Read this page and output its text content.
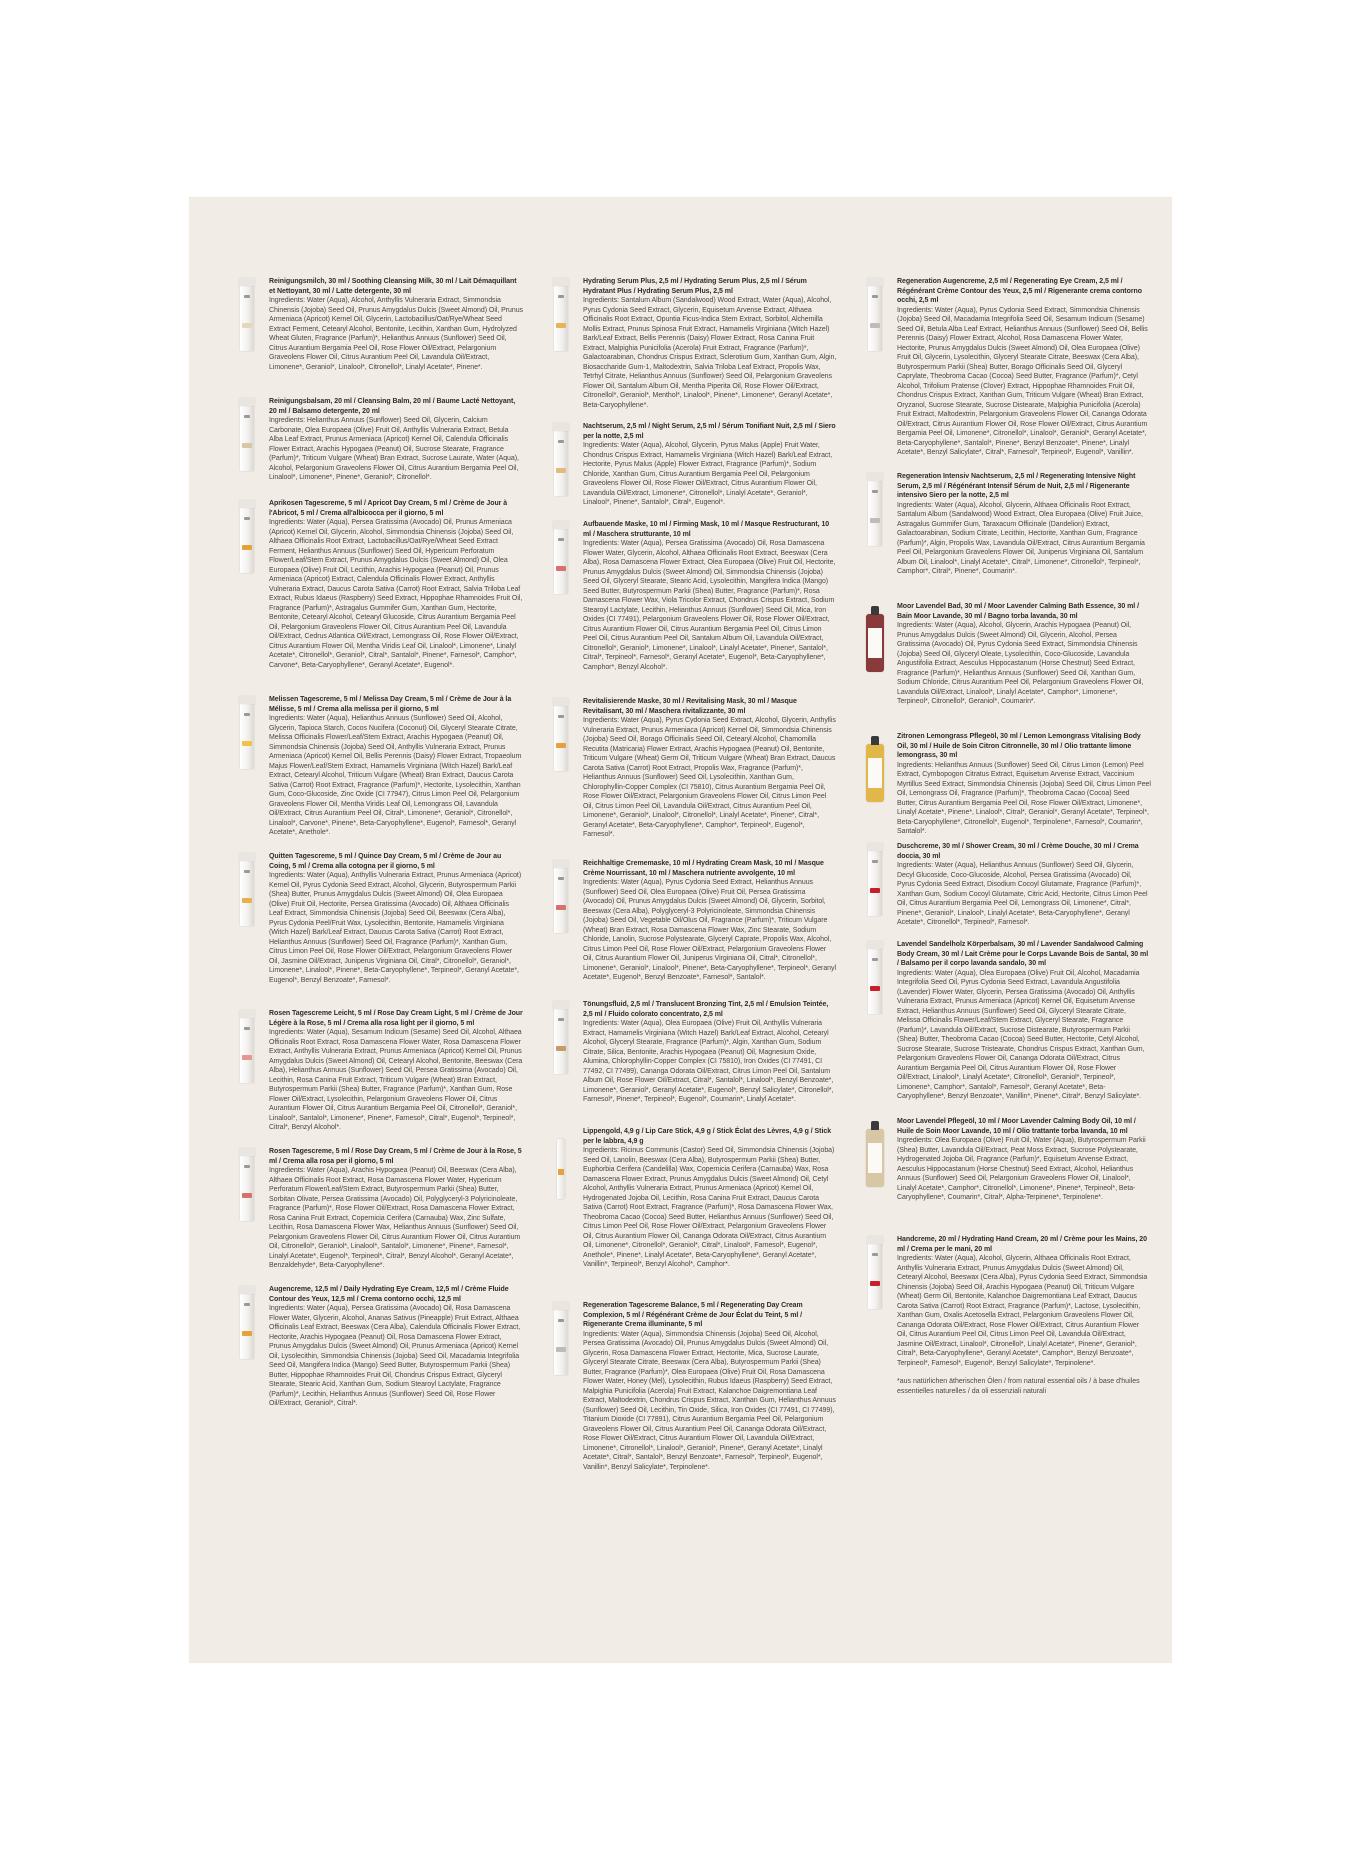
Reinigungsmilch, 30 ml / Soothing Cleansing Milk, 30 ml / Lait Démaquillant et Nettoyant, 30 ml / Latte detergente, 30 ml
Ingredients: Water (Aqua), Alcohol, Anthyllis Vulneraria Extract, Simmondsia Chinensis (Jojoba) Seed Oil, Prunus Amygdalus Dulcis (Sweet Almond) Oil, Prunus Armeniaca (Apricot) Kernel Oil, Glycerin, Lactobacillus/Oat/Rye/Wheat Seed Extract Ferment, Cetearyl Alcohol, Bentonite, Lecithin, Xanthan Gum, Hydrolyzed Wheat Gluten, Fragrance (Parfum)*, Helianthus Annuus (Sunflower) Seed Oil, Citrus Aurantium Bergamia Peel Oil, Rose Flower Oil/Extract, Pelargonium Graveolens Flower Oil, Citrus Aurantium Peel Oil, Lavandula Oil/Extract, Limonene*, Geraniol*, Linalool*, Citronellol*, Linalyl Acetate*, Pinene*.
Reinigungsbalsam, 20 ml / Cleansing Balm, 20 ml / Baume Lacté Nettoyant, 20 ml / Balsamo detergente, 20 ml
Ingredients: Helianthus Annuus (Sunflower) Seed Oil, Glycerin, Calcium Carbonate, Olea Europaea (Olive) Fruit Oil, Anthyllis Vulneraria Extract, Betula Alba Leaf Extract, Prunus Armeniaca (Apricot) Kernel Oil, Calendula Officinalis Flower Extract, Arachis Hypogaea (Peanut) Oil, Sucrose Stearate, Fragrance (Parfum)*, Triticum Vulgare (Wheat) Bran Extract, Sucrose Laurate, Water (Aqua), Alcohol, Pelargonium Graveolens Flower Oil, Citrus Aurantium Bergamia Peel Oil, Linalool*, Limonene*, Pinene*, Geraniol*, Citronellol*.
Aprikosen Tagescreme, 5 ml / Apricot Day Cream, 5 ml / Crème de Jour à l'Abricot, 5 ml / Crema all'albicocca per il giorno, 5 ml
Ingredients: Water (Aqua), Persea Gratissima (Avocado) Oil, Prunus Armeniaca (Apricot) Kernel Oil, Glycerin, Alcohol, Simmondsia Chinensis (Jojoba) Seed Oil, Althaea Officinalis Root Extract, Lactobacillus/Oat/Rye/Wheat Seed Extract Ferment, Helianthus Annuus (Sunflower) Seed Oil, Hypericum Perforatum Flower/Leaf/Stem Extract, Prunus Amygdalus Dulcis (Sweet Almond) Oil, Olea Europaea (Olive) Fruit Oil, Lecithin, Arachis Hypogaea (Peanut) Oil, Prunus Armeniaca (Apricot) Extract, Calendula Officinalis Flower Extract, Anthyllis Vulneraria Extract, Daucus Carota Sativa (Carrot) Root Extract, Salvia Triloba Leaf Extract, Rubus Idaeus (Raspberry) Seed Extract, Hippophae Rhamnoides Fruit Oil, Fragrance (Parfum)*, Astragalus Gummifer Gum, Xanthan Gum, Hectorite, Bentonite, Cetearyl Alcohol, Cetearyl Glucoside, Citrus Aurantium Bergamia Peel Oil, Pelargonium Graveolens Flower Oil, Citrus Aurantium Peel Oil, Lavandula Oil/Extract, Cedrus Atlantica Oil/Extract, Lemongrass Oil, Rose Flower Oil/Extract, Citrus Aurantium Flower Oil, Mentha Viridis Leaf Oil, Linalool*, Limonene*, Linalyl Acetate*, Citronellol*, Geraniol*, Citral*, Santalol*, Pinene*, Farnesol*, Camphor*, Carvone*, Beta-Caryophyllene*, Geranyl Acetate*, Eugenol*.
Melissen Tagescreme, 5 ml / Melissa Day Cream, 5 ml / Crème de Jour à la Mélisse, 5 ml / Crema alla melissa per il giorno, 5 ml
Ingredients: Water (Aqua), Helianthus Annuus (Sunflower) Seed Oil, Alcohol, Glycerin, Tapioca Starch, Cocos Nucifera (Coconut) Oil, Glyceryl Stearate Citrate, Melissa Officinalis Flower/Leaf/Stem Extract, Arachis Hypogaea (Peanut) Oil, Simmondsia Chinensis (Jojoba) Seed Oil, Anthyllis Vulneraria Extract, Prunus Armeniaca (Apricot) Kernel Oil, Bellis Perennis (Daisy) Flower Extract, Tropaeolum Majus Flower/Leaf/Stem Extract, Hamamelis Virginiana (Witch Hazel) Bark/Leaf Extract, Cetearyl Alcohol, Triticum Vulgare (Wheat) Bran Extract, Daucus Carota Sativa (Carrot) Root Extract, Fragrance (Parfum)*, Hectorite, Lysolecithin, Xanthan Gum, Coco-Glucoside, Zinc Oxide (CI 77947), Citrus Limon Peel Oil, Pelargonium Graveolens Flower Oil, Mentha Viridis Leaf Oil, Lemongrass Oil, Lavandula Oil/Extract, Citrus Aurantium Peel Oil, Citral*, Limonene*, Geraniol*, Citronellol*, Linalool*, Carvone*, Pinene*, Beta-Caryophyllene*, Eugenol*, Farnesol*, Geranyl Acetate*, Anethole*.
Quitten Tagescreme, 5 ml / Quince Day Cream, 5 ml / Crème de Jour au Coing, 5 ml / Crema alla cotogna per il giorno, 5 ml
Ingredients: Water (Aqua), Anthyllis Vulneraria Extract, Prunus Armeniaca (Apricot) Kernel Oil, Pyrus Cydonia Seed Extract, Alcohol, Glycerin, Butyrospermum Parkii (Shea) Butter, Prunus Amygdalus Dulcis (Sweet Almond) Oil, Olea Europaea (Olive) Fruit Oil, Hectorite, Persea Gratissima (Avocado) Oil, Althaea Officinalis Leaf Extract, Simmondsia Chinensis (Jojoba) Seed Oil, Beeswax (Cera Alba), Pyrus Cydonia Peel/Fruit Wax, Lysolecithin, Bentonite, Hamamelis Virginiana (Witch Hazel) Bark/Leaf Extract, Daucus Carota Sativa (Carrot) Root Extract, Helianthus Annuus (Sunflower) Seed Oil, Fragrance (Parfum)*, Xanthan Gum, Citrus Limon Peel Oil, Rose Flower Oil/Extract, Pelargonium Graveolens Flower Oil, Jasmine Oil/Extract, Juniperus Virginiana Oil, Citral*, Citronellol*, Geraniol*, Limonene*, Linalool*, Pinene*, Beta-Caryophyllene*, Terpineol*, Geranyl Acetate*, Eugenol*, Benzyl Benzoate*, Farnesol*.
Rosen Tagescreme Leicht, 5 ml / Rose Day Cream Light, 5 ml / Crème de Jour Légère à la Rose, 5 ml / Crema alla rosa light per il giorno, 5 ml
Ingredients: Water (Aqua), Sesamum Indicum (Sesame) Seed Oil, Alcohol, Althaea Officinalis Root Extract, Rosa Damascena Flower Water, Rosa Damascena Flower Extract, Anthyllis Vulneraria Extract, Prunus Armeniaca (Apricot) Kernel Oil, Prunus Amygdalus Dulcis (Sweet Almond) Oil, Cetearyl Alcohol, Bentonite, Beeswax (Cera Alba), Helianthus Annuus (Sunflower) Seed Oil, Persea Gratissima (Avocado) Oil, Lecithin, Rosa Canina Fruit Extract, Triticum Vulgare (Wheat) Bran Extract, Butyrospermum Parkii (Shea) Butter, Fragrance (Parfum)*, Xanthan Gum, Rose Flower Oil/Extract, Lysolecithin, Pelargonium Graveolens Flower Oil, Citrus Aurantium Flower Oil, Citrus Aurantium Bergamia Peel Oil, Citronellol*, Geraniol*, Linalool*, Santalol*, Limonene*, Pinene*, Farnesol*, Citral*, Eugenol*, Terpineol*, Citral*, Benzyl Alcohol*.
Rosen Tagescreme, 5 ml / Rose Day Cream, 5 ml / Crème de Jour à la Rose, 5 ml / Crema alla rosa per il giorno, 5 ml
Ingredients: Water (Aqua), Arachis Hypogaea (Peanut) Oil, Beeswax (Cera Alba), Althaea Officinalis Root Extract, Rosa Damascena Flower Water, Hypericum Perforatum Flower/Leaf/Stem Extract, Butyrospermum Parkii (Shea) Butter, Sorbitan Olivate, Persea Gratissima (Avocado) Oil, Polyglyceryl-3 Polyricinoleate, Fragrance (Parfum)*, Rose Flower Oil/Extract, Rosa Damascena Flower Extract, Rosa Canina Fruit Extract, Copernicia Cerifera (Carnauba) Wax, Zinc Sulfate, Lecithin, Rosa Damascena Flower Wax, Helianthus Annuus (Sunflower) Seed Oil, Pelargonium Graveolens Flower Oil, Citrus Aurantium Flower Oil, Citrus Aurantium Oil, Citronellol*, Geraniol*, Linalool*, Santalol*, Limonene*, Pinene*, Farnesol*, Linalyl Acetate*, Eugenol*, Terpineol*, Citral*, Benzyl Alcohol*, Geranyl Acetate*, Benzaldehyde*, Beta-Caryophyllene*.
Augencreme, 12,5 ml / Daily Hydrating Eye Cream, 12,5 ml / Crème Fluide Contour des Yeux, 12,5 ml / Crema contorno occhi, 12,5 ml
Ingredients: Water (Aqua), Persea Gratissima (Avocado) Oil, Rosa Damascena Flower Water, Glycerin, Alcohol, Ananas Sativus (Pineapple) Fruit Extract, Althaea Officinalis Leaf Extract, Beeswax (Cera Alba), Calendula Officinalis Flower Extract, Hectorite, Arachis Hypogaea (Peanut) Oil, Rosa Damascena Flower Extract, Prunus Amygdalus Dulcis (Sweet Almond) Oil, Prunus Armeniaca (Apricot) Kernel Oil, Lysolecithin, Simmondsia Chinensis (Jojoba) Seed Oil, Macadamia Integrifolia Seed Oil, Mangifera Indica (Mango) Seed Butter, Butyrospermum Parkii (Shea) Butter, Hippophae Rhamnoides Fruit Oil, Chondrus Crispus Extract, Glyceryl Stearate, Stearic Acid, Xanthan Gum, Sodium Stearoyl Lactylate, Fragrance (Parfum)*, Lecithin, Helianthus Annuus (Sunflower) Seed Oil, Rose Flower Oil/Extract, Geraniol*, Citral*.
Hydrating Serum Plus, 2,5 ml / Hydrating Serum Plus, 2,5 ml / Sérum Hydratant Plus / Hydrating Serum Plus, 2,5 ml
Ingredients: Santalum Album (Sandalwood) Wood Extract, Water (Aqua), Alcohol, Pyrus Cydonia Seed Extract, Glycerin, Equisetum Arvense Extract, Althaea Officinalis Root Extract, Opuntia Ficus-Indica Stem Extract, Sorbitol, Alchemilla Mollis Extract, Prunus Spinosa Fruit Extract, Hamamelis Virginiana (Witch Hazel) Bark/Leaf Extract, Bellis Perennis (Daisy) Flower Extract, Rosa Canina Fruit Extract, Malpighia Punicifolia (Acerola) Fruit Extract, Fragrance (Parfum)*, Galactoarabinan, Chondrus Crispus Extract, Sclerotium Gum, Xanthan Gum, Algin, Biosaccharide Gum-1, Maltodextrin, Salvia Triloba Leaf Extract, Propolis Wax, Tetrhyl Citrate, Helianthus Annuus (Sunflower) Seed Oil, Pelargonium Graveolens Flower Oil, Santalum Album Oil, Mentha Piperita Oil, Rose Flower Oil/Extract, Citronellol*, Geraniol*, Menthol*, Linalool*, Pinene*, Limonene*, Geranyl Acetate*, Beta-Caryophyllene*.
Nachtserum, 2,5 ml / Night Serum, 2,5 ml / Sérum Tonifiant Nuit, 2,5 ml / Siero per la notte, 2,5 ml
Ingredients: Water (Aqua), Alcohol, Glycerin, Pyrus Malus (Apple) Fruit Water, Chondrus Crispus Extract, Hamamelis Virginiana (Witch Hazel) Bark/Leaf Extract, Hectorite, Pyrus Malus (Apple) Flower Extract, Fragrance (Parfum)*, Sodium Chloride, Xanthan Gum, Citrus Aurantium Bergamia Peel Oil, Pelargonium Graveolens Flower Oil, Rose Flower Oil/Extract, Citrus Aurantium Flower Oil, Lavandula Oil/Extract, Limonene*, Citronellol*, Linalyl Acetate*, Geraniol*, Linalool*, Pinene*, Santalol*, Citral*, Eugenol*.
Aufbauende Maske, 10 ml / Firming Mask, 10 ml / Masque Restructurant, 10 ml / Maschera strutturante, 10 ml
Ingredients: Water (Aqua), Persea Gratissima (Avocado) Oil, Rosa Damascena Flower Water, Glycerin, Alcohol, Althaea Officinalis Root Extract, Beeswax (Cera Alba), Rosa Damascena Flower Extract, Olea Europaea (Olive) Fruit Oil, Hectorite, Prunus Amygdalus Dulcis (Sweet Almond) Oil, Simmondsia Chinensis (Jojoba) Seed Oil, Glyceryl Stearate, Stearic Acid, Lysolecithin, Mangifera Indica (Mango) Seed Butter, Butyrospermum Parkii (Shea) Butter, Fragrance (Parfum)*, Rosa Damascena Flower Wax, Viola Tricolor Extract, Chondrus Crispus Extract, Sodium Stearoyl Lactylate, Lecithin, Helianthus Annuus (Sunflower) Seed Oil, Mica, Iron Oxides (CI 77491), Pelargonium Graveolens Flower Oil, Rose Flower Oil/Extract, Citrus Aurantium Flower Oil, Citrus Aurantium Bergamia Peel Oil, Citrus Limon Peel Oil, Citrus Aurantium Peel Oil, Santalum Album Oil, Lavandula Oil/Extract, Citronellol*, Geraniol*, Limonene*, Linalool*, Linalyl Acetate*, Pinene*, Santalol*, Citral*, Terpineol*, Farnesol*, Geranyl Acetate*, Eugenol*, Beta-Caryophyllene*, Camphor*, Benzyl Alcohol*.
Revitalisierende Maske, 30 ml / Revitalising Mask, 30 ml / Masque Revitalisant, 30 ml / Maschera rivitalizzante, 30 ml
Ingredients: Water (Aqua), Pyrus Cydonia Seed Extract, Alcohol, Glycerin, Anthyllis Vulneraria Extract, Prunus Armeniaca (Apricot) Kernel Oil, Simmondsia Chinensis (Jojoba) Seed Oil, Borago Officinalis Seed Oil, Cetearyl Alcohol, Chamomilla Recutita (Matricaria) Flower Extract, Arachis Hypogaea (Peanut) Oil, Bentonite, Triticum Vulgare (Wheat) Germ Oil, Triticum Vulgare (Wheat) Bran Extract, Daucus Carota Sativa (Carrot) Root Extract, Propolis Wax, Fragrance (Parfum)*, Helianthus Annuus (Sunflower) Seed Oil, Lysolecithin, Xanthan Gum, Chlorophyllin-Copper Complex (CI 75810), Citrus Aurantium Bergamia Peel Oil, Rose Flower Oil/Extract, Pelargonium Graveolens Flower Oil, Citrus Limon Peel Oil, Citrus Limon Peel Oil, Lavandula Oil/Extract, Citrus Aurantium Peel Oil, Limonene*, Geraniol*, Linalool*, Citronellol*, Linalyl Acetate*, Pinene*, Citral*, Geranyl Acetate*, Beta-Caryophyllene*, Camphor*, Terpineol*, Eugenol*, Farnesol*.
Reichhaltige Crememaske, 10 ml / Hydrating Cream Mask, 10 ml / Masque Crème Nourrissant, 10 ml / Maschera nutriente avvolgente, 10 ml
Ingredients: Water (Aqua), Pyrus Cydonia Seed Extract, Helianthus Annuus (Sunflower) Seed Oil, Olea Europaea (Olive) Fruit Oil, Persea Gratissima (Avocado) Oil, Prunus Amygdalus Dulcis (Sweet Almond) Oil, Glycerin, Sorbitol, Beeswax (Cera Alba), Polyglyceryl-3 Polyricinoleate, Simmondsia Chinensis (Jojoba) Seed Oil, Vegetable Oil/Olus Oil, Fragrance (Parfum)*, Triticum Vulgare (Wheat) Bran Extract, Rosa Damascena Flower Wax, Zinc Stearate, Sodium Chloride, Lanolin, Sucrose Polystearate, Glyceryl Caprate, Propolis Wax, Alcohol, Citrus Limon Peel Oil, Rose Flower Oil/Extract, Pelargonium Graveolens Flower Oil, Citrus Aurantium Flower Oil, Juniperus Virginiana Oil, Citral*, Citronellol*, Limonene*, Geraniol*, Linalool*, Pinene*, Beta-Caryophyllene*, Terpineol*, Geranyl Acetate*, Eugenol*, Benzyl Benzoate*, Farnesol*, Santalol*.
Tönungsfluid, 2,5 ml / Translucent Bronzing Tint, 2,5 ml / Emulsion Teintée, 2,5 ml / Fluido colorato concentrato, 2,5 ml
Ingredients: Water (Aqua), Olea Europaea (Olive) Fruit Oil, Anthyllis Vulneraria Extract, Hamamelis Virginiana (Witch Hazel) Bark/Leaf Extract, Alcohol, Cetearyl Alcohol, Glyceryl Stearate, Fragrance (Parfum)*, Algin, Xanthan Gum, Sodium Citrate, Silica, Bentonite, Arachis Hypogaea (Peanut) Oil, Magnesium Oxide, Alumina, Chlorophyllin-Copper Complex (CI 75810), Iron Oxides (CI 77491, CI 77492, CI 77499), Canangа Odorata Oil/Extract, Citrus Limon Peel Oil, Santalum Album Oil, Rose Flower Oil/Extract, Citral*, Santalol*, Linalool*, Benzyl Benzoate*, Limonene*, Geraniol*, Geranyl Acetate*, Eugenol*, Benzyl Salicylate*, Citronellol*, Farnesol*, Pinene*, Terpineol*, Eugenol*, Coumarin*, Linalyl Acetate*.
Lippengold, 4,9 g / Lip Care Stick, 4,9 g / Stick Éclat des Lèvres, 4,9 g / Stick per le labbra, 4,9 g
Ingredients: Ricinus Communis (Castor) Seed Oil, Simmondsia Chinensis (Jojoba) Seed Oil, Lanolin, Beeswax (Cera Alba), Butyrospermum Parkii (Shea) Butter, Euphorbia Cerifera (Candelilla) Wax, Copernicia Cerifera (Carnauba) Wax, Rosa Damascena Flower Extract, Prunus Amygdalus Dulcis (Sweet Almond) Oil, Cetyl Alcohol, Anthyllis Vulneraria Extract, Prunus Armeniaca (Apricot) Kernel Oil, Hydrogenated Jojoba Oil, Lecithin, Rosa Canina Fruit Extract, Daucus Carota Sativa (Carrot) Root Extract, Fragrance (Parfum)*, Rosa Damascena Flower Wax, Theobroma Cacao (Cocoa) Seed Butter, Helianthus Annuus (Sunflower) Seed Oil, Citrus Limon Peel Oil, Rose Flower Oil/Extract, Pelargonium Graveolens Flower Oil, Citrus Aurantium Flower Oil, Canangа Odorata Oil/Extract, Citrus Aurantium Oil, Limonene*, Citronellol*, Geraniol*, Citral*, Linalool*, Farnesol*, Eugenol*, Anethole*, Pinene*, Linalyl Acetate*, Beta-Caryophyllene*, Geranyl Acetate*, Vanillin*, Terpineol*, Benzyl Alcohol*, Camphor*.
Regeneration Tagescreme Balance, 5 ml / Regenerating Day Cream Complexion, 5 ml / Régénérant Crème de Jour Éclat du Teint, 5 ml / Rigenerante Crema illuminante, 5 ml
Ingredients: Water (Aqua), Simmondsia Chinensis (Jojoba) Seed Oil, Alcohol, Persea Gratissima (Avocado) Oil, Prunus Amygdalus Dulcis (Sweet Almond) Oil, Glycerin, Rosa Damascena Flower Extract, Hectorite, Mica, Sucrose Laurate, Glyceryl Stearate Citrate, Beeswax (Cera Alba), Butyrospermum Parkii (Shea) Butter, Fragrance (Parfum)*, Olea Europaea (Olive) Fruit Oil, Rosa Damascena Flower Water, Honey (Mel), Lysolecithin, Rubus Idaeus (Raspberry) Seed Extract, Malpighia Punicifolia (Acerola) Fruit Extract, Kalanchoe Daigremontiana Leaf Extract, Maltodextrin, Chondrus Crispus Extract, Xanthan Gum, Helianthus Annuus (Sunflower) Seed Oil, Lecithin, Tin Oxide, Silica, Iron Oxides (CI 77491, CI 77499), Titanium Dioxide (CI 77891), Citrus Aurantium Bergamia Peel Oil, Pelargonium Graveolens Flower Oil, Citrus Aurantium Peel Oil, Canangа Odorata Oil/Extract, Rose Flower Oil/Extract, Citrus Aurantium Flower Oil, Lavandula Oil/Extract, Limonene*, Citronellol*, Linalool*, Geraniol*, Pinene*, Geranyl Acetate*, Linalyl Acetate*, Citral*, Santalol*, Benzyl Benzoate*, Farnesol*, Terpineol*, Eugenol*, Vanillin*, Benzyl Salicylate*, Terpinolene*.
Regeneration Augencreme, 2,5 ml / Regenerating Eye Cream, 2,5 ml / Régénérant Crème Contour des Yeux, 2,5 ml / Rigenerante crema contorno occhi, 2,5 ml
Ingredients: Water (Aqua), Pyrus Cydonia Seed Extract, Simmondsia Chinensis (Jojoba) Seed Oil, Macadamia Integrifolia Seed Oil, Sesamum Indicum (Sesame) Seed Oil, Betula Alba Leaf Extract, Helianthus Annuus (Sunflower) Seed Oil, Bellis Perennis (Daisy) Flower Extract, Alcohol, Rosa Damascena Flower Water, Hectorite, Prunus Amygdalus Dulcis (Sweet Almond) Oil, Olea Europaea (Olive) Fruit Oil, Glycerin, Lysolecithin, Glyceryl Stearate Citrate, Beeswax (Cera Alba), Butyrospermum Parkii (Shea) Butter, Borago Officinalis Seed Oil, Glyceryl Caprylate, Theobroma Cacao (Cocoa) Seed Butter, Fragrance (Parfum)*, Cetyl Alcohol, Trifolium Pratense (Clover) Extract, Hippophae Rhamnoides Fruit Oil, Chondrus Crispus Extract, Xanthan Gum, Triticum Vulgare (Wheat) Bran Extract, Oryzanol, Sucrose Stearate, Sucrose Distearate, Malpighia Punicifolia (Acerola) Fruit Extract, Maltodextrin, Pelargonium Graveolens Flower Oil, Canangа Odorata Oil/Extract, Citrus Aurantium Flower Oil, Rose Flower Oil/Extract, Citrus Aurantium Bergamia Peel Oil, Limonene*, Citronellol*, Linalool*, Geraniol*, Geranyl Acetate*, Beta-Caryophyllene*, Santalol*, Pinene*, Benzyl Benzoate*, Pinene*, Linalyl Acetate*, Benzyl Salicylate*, Citral*, Farnesol*, Terpineol*, Eugenol*, Vanillin*.
Regeneration Intensiv Nachtserum, 2,5 ml / Regenerating Intensive Night Serum, 2,5 ml / Régénérant Intensif Sérum de Nuit, 2,5 ml / Rigenerante intensivo Siero per la notte, 2,5 ml
Ingredients: Water (Aqua), Alcohol, Glycerin, Althaea Officinalis Root Extract, Santalum Album (Sandalwood) Wood Extract, Olea Europaea (Olive) Fruit Juice, Astragalus Gummifer Gum, Taraxacum Officinale (Dandelion) Extract, Galactoarabinan, Sodium Citrate, Lecithin, Hectorite, Xanthan Gum, Fragrance (Parfum)*, Algin, Propolis Wax, Lavandula Oil/Extract, Citrus Aurantium Bergamia Peel Oil, Pelargonium Graveolens Flower Oil, Juniperus Virginiana Oil, Santalum Album Oil, Linalool*, Linalyl Acetate*, Citral*, Limonene*, Citronellol*, Terpineol*, Camphor*, Citral*, Pinene*, Coumarin*.
Moor Lavendel Bad, 30 ml / Moor Lavender Calming Bath Essence, 30 ml / Bain Moor Lavande, 30 ml / Bagno torba lavanda, 30 ml
Ingredients: Water (Aqua), Alcohol, Glycerin, Arachis Hypogaea (Peanut) Oil, Prunus Amygdalus Dulcis (Sweet Almond) Oil, Glycerin, Alcohol, Persea Gratissima (Avocado) Oil, Pyrus Cydonia Seed Extract, Simmondsia Chinensis (Jojoba) Seed Oil, Glyceryl Oleate, Lysolecithin, Coco-Glucoside, Lavandula Angustifolia Extract, Aesculus Hippocastanum (Horse Chestnut) Seed Extract, Fragrance (Parfum)*, Helianthus Annuus (Sunflower) Seed Oil, Xanthan Gum, Sodium Chloride, Citrus Aurantium Peel Oil, Pelargonium Graveolens Flower Oil, Lavandula Oil/Extract, Linalool*, Linalyl Acetate*, Camphor*, Limonene*, Terpineol*, Citronellol*, Geraniol*, Coumarin*.
Zitronen Lemongrass Pflegeöl, 30 ml / Lemon Lemongrass Vitalising Body Oil, 30 ml / Huile de Soin Citron Citronnelle, 30 ml / Olio trattante limone lemongrass, 30 ml
Ingredients: Helianthus Annuus (Sunflower) Seed Oil, Citrus Limon (Lemon) Peel Extract, Cymbopogon Citratus Extract, Equisetum Arvense Extract, Vaccinium Myrtillus Seed Extract, Simmondsia Chinensis (Jojoba) Seed Oil, Citrus Limon Peel Oil, Lemongrass Oil, Fragrance (Parfum)*, Theobroma Cacao (Cocoa) Seed Butter, Citrus Aurantium Bergamia Peel Oil, Rose Flower Oil/Extract, Limonene*, Linalyl Acetate*, Pinene*, Linalool*, Citral*, Geraniol*, Geranyl Acetate*, Terpineol*, Beta-Caryophyllene*, Citronellol*, Eugenol*, Terpinolene*, Farnesol*, Coumarin*, Santalol*.
Duschcreme, 30 ml / Shower Cream, 30 ml / Crème Douche, 30 ml / Crema doccia, 30 ml
Ingredients: Water (Aqua), Helianthus Annuus (Sunflower) Seed Oil, Glycerin, Decyl Glucoside, Coco-Glucoside, Alcohol, Persea Gratissima (Avocado) Oil, Pyrus Cydonia Seed Extract, Disodium Cocoyl Glutamate, Fragrance (Parfum)*, Xanthan Gum, Sodium Cocoyl Glutamate, Citric Acid, Hectorite, Citrus Limon Peel Oil, Citrus Aurantium Bergamia Peel Oil, Lemongrass Oil, Limonene*, Citral*, Pinene*, Geraniol*, Linalool*, Linalyl Acetate*, Beta-Caryophyllene*, Geranyl Acetate*, Citronellol*, Terpineol*, Farnesol*.
Lavendel Sandelholz Körperbalsam, 30 ml / Lavender Sandalwood Calming Body Cream, 30 ml / Lait Crème pour le Corps Lavande Bois de Santal, 30 ml / Balsamo per il corpo lavanda sandalo, 30 ml
Ingredients: Water (Aqua), Olea Europaea (Olive) Fruit Oil, Alcohol, Macadamia Integrifolia Seed Oil, Pyrus Cydonia Seed Extract, Lavandula Angustifolia (Lavender) Flower Water, Glycerin, Persea Gratissima (Avocado) Oil, Anthyllis Vulneraria Extract, Prunus Armeniaca (Apricot) Kernel Oil, Equisetum Arvense Extract, Helianthus Annuus (Sunflower) Seed Oil, Glyceryl Stearate Citrate, Melissa Officinalis Flower/Leaf/Stem Extract, Glyceryl Stearate, Fragrance (Parfum)*, Lavandula Oil/Extract, Sucrose Distearate, Butyrospermum Parkii (Shea) Butter, Theobroma Cacao (Cocoa) Seed Butter, Hectorite, Cetyl Alcohol, Sucrose Stearate, Sucrose Tristearate, Chondrus Crispus Extract, Xanthan Gum, Pelargonium Graveolens Flower Oil, Canangа Odorata Oil/Extract, Citrus Aurantium Bergamia Peel Oil, Citrus Aurantium Flower Oil, Rose Flower Oil/Extract, Linalool*, Linalyl Acetate*, Citronellol*, Geraniol*, Terpineol*, Limonene*, Camphor*, Santalol*, Farnesol*, Geranyl Acetate*, Beta-Caryophyllene*, Benzyl Benzoate*, Vanillin*, Pinene*, Citral*, Benzyl Salicylate*.
Moor Lavendel Pflegeöl, 10 ml / Moor Lavender Calming Body Oil, 10 ml / Huile de Soin Moor Lavande, 10 ml / Olio trattante torba lavanda, 10 ml
Ingredients: Olea Europaea (Olive) Fruit Oil, Water (Aqua), Butyrospermum Parkii (Shea) Butter, Lavandula Oil/Extract, Peat Moss Extract, Sucrose Polystearate, Hydrogenated Jojoba Oil, Fragrance (Parfum)*, Equisetum Arvense Extract, Aesculus Hippocastanum (Horse Chestnut) Seed Extract, Alcohol, Helianthus Annuus (Sunflower) Seed Oil, Pelargonium Graveolens Flower Oil, Linalool*, Linalyl Acetate*, Camphor*, Citronellol*, Limonene*, Pinene*, Terpineol*, Beta-Caryophyllene*, Coumarin*, Citral*, Alpha-Terpinene*, Terpinolene*.
Handcreme, 20 ml / Hydrating Hand Cream, 20 ml / Crème pour les Mains, 20 ml / Crema per le mani, 20 ml
Ingredients: Water (Aqua), Alcohol, Glycerin, Althaea Officinalis Root Extract, Anthyllis Vulneraria Extract, Prunus Amygdalus Dulcis (Sweet Almond) Oil, Cetearyl Alcohol, Beeswax (Cera Alba), Pyrus Cydonia Seed Extract, Simmondsia Chinensis (Jojoba) Seed Oil, Arachis Hypogaea (Peanut) Oil, Triticum Vulgare (Wheat) Germ Oil, Bentonite, Kalanchoe Daigremontiana Leaf Extract, Daucus Carota Sativa (Carrot) Root Extract, Fragrance (Parfum)*, Lactose, Lysolecithin, Xanthan Gum, Oxalis Acetosella Extract, Pelargonium Graveolens Flower Oil, Canangа Odorata Oil/Extract, Rose Flower Oil/Extract, Citrus Aurantium Flower Oil, Citrus Aurantium Peel Oil, Citrus Limon Peel Oil, Lavandula Oil/Extract, Jasmine Oil/Extract, Linalool*, Citronellol*, Linalyl Acetate*, Pinene*, Geraniol*, Citral*, Beta-Caryophyllene*, Geranyl Acetate*, Camphor*, Benzyl Benzoate*, Terpineol*, Farnesol*, Eugenol*, Benzyl Salicylate*, Terpinolene*.
*aus natürlichen ätherischen Ölen / from natural essential oils / à base d'huiles essentielles naturelles / da oli essenziali naturali
